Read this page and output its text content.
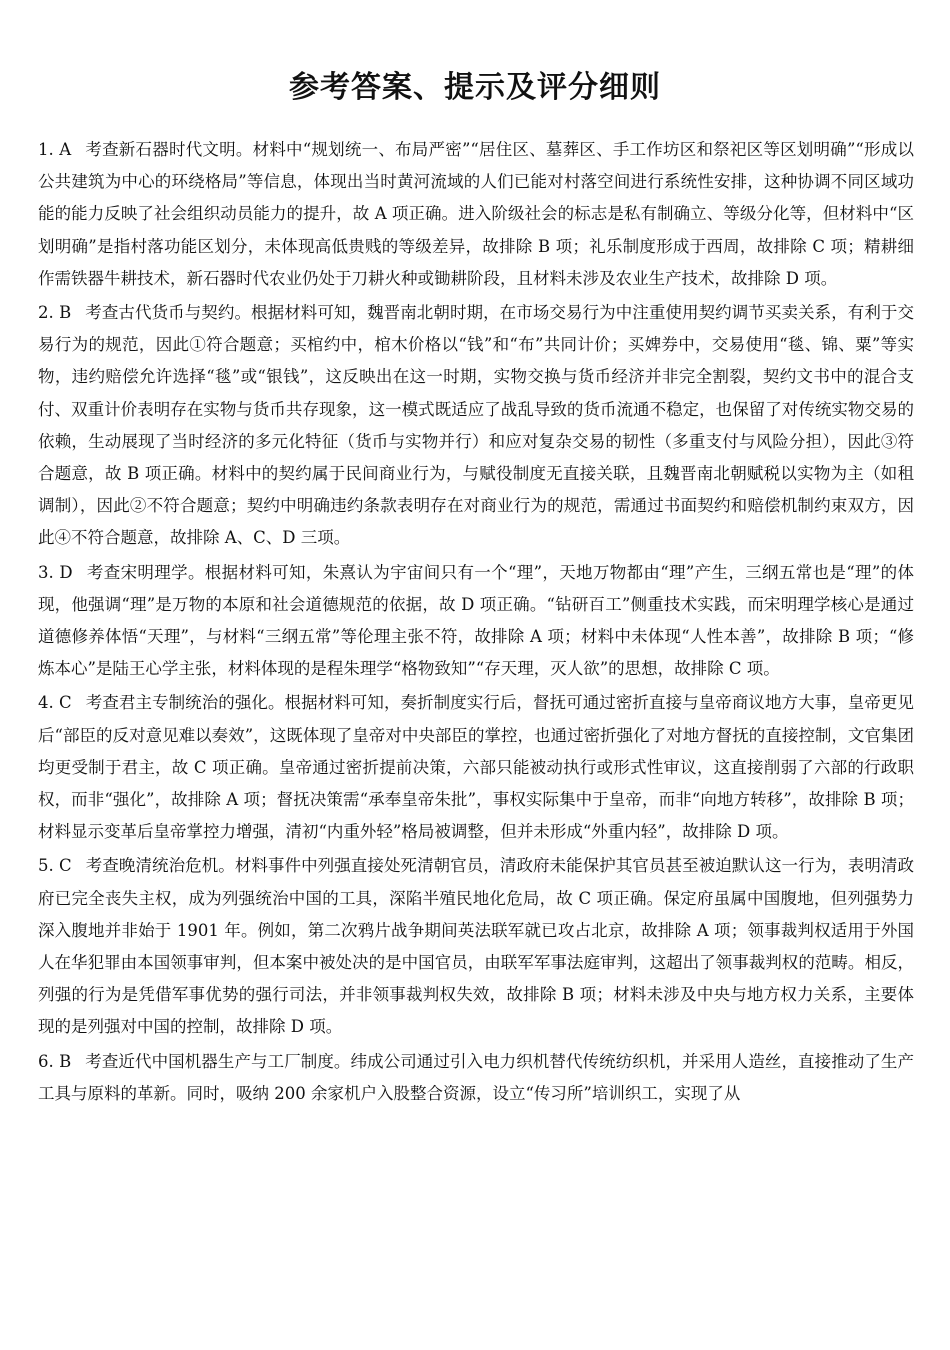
参考答案、提示及评分细则

1. A 考查新石器时代文明。材料中“规划统一、布局严密”“居住区、墓葬区、手工作坊区和祭祀区等区划明确”“形成以公共建筑为中心的环绕格局”等信息，体现出当时黄河流域的人们已能对村落空间进行系统性安排，这种协调不同区域功能的能力反映了社会组织动员能力的提升，故 A 项正确。进入阶级社会的标志是私有制确立、等级分化等，但材料中“区划明确”是指村落功能区划分，未体现高低贵贱的等级差异，故排除 B 项；礼乐制度形成于西周，故排除 C 项；精耕细作需铁器牛耕技术，新石器时代农业仍处于刀耕火种或锄耕阶段，且材料未涉及农业生产技术，故排除 D 项。

2. B 考查古代货币与契约。根据材料可知，魏晋南北朝时期，在市场交易行为中注重使用契约调节买卖关系，有利于交易行为的规范，因此①符合题意；买棺约中，棺木价格以“钱”和“布”共同计价；买婢券中，交易使用“毯、锦、粟”等实物，违约赔偿允许选择“毯”或“银钱”，这反映出在这一时期，实物交换与货币经济并非完全割裂，契约文书中的混合支付、双重计价表明存在实物与货币共存现象，这一模式既适应了战乱导致的货币流通不稳定，也保留了对传统实物交易的依赖，生动展现了当时经济的多元化特征（货币与实物并行）和应对复杂交易的韧性（多重支付与风险分担），因此③符合题意，故 B 项正确。材料中的契约属于民间商业行为，与赋役制度无直接关联，且魏晋南北朝赋税以实物为主（如租调制），因此②不符合题意；契约中明确违约条款表明存在对商业行为的规范，需通过书面契约和赔偿机制约束双方，因此④不符合题意，故排除 A、C、D 三项。

3. D 考查宋明理学。根据材料可知，朱熹认为宇宙间只有一个“理”，天地万物都由“理”产生，三纲五常也是“理”的体现，他强调“理”是万物的本原和社会道德规范的依据，故 D 项正确。“钻研百工”侧重技术实践，而宋明理学核心是通过道德修养体悟“天理”，与材料“三纲五常”等伦理主张不符，故排除 A 项；材料中未体现“人性本善”，故排除 B 项；“修炼本心”是陆王心学主张，材料体现的是程朱理学“格物致知”“存天理，灭人欲”的思想，故排除 C 项。

4. C 考查君主专制统治的强化。根据材料可知，奏折制度实行后，督抚可通过密折直接与皇帝商议地方大事，皇帝更见后“部臣的反对意见难以奏效”，这既体现了皇帝对中央部臣的掌控，也通过密折强化了对地方督抚的直接控制，文官集团均更受制于君主，故 C 项正确。皇帝通过密折提前决策，六部只能被动执行或形式性审议，这直接削弱了六部的行政职权，而非“强化”，故排除 A 项；督抚决策需“承奉皇帝朱批”，事权实际集中于皇帝，而非“向地方转移”，故排除 B 项；材料显示变革后皇帝掌控力增强，清初“内重外轻”格局被调整，但并未形成“外重内轻”，故排除 D 项。

5. C 考查晚清统治危机。材料事件中列强直接处死清朝官员，清政府未能保护其官员甚至被迫默认这一行为，表明清政府已完全丧失主权，成为列强统治中国的工具，深陷半殖民地化危局，故 C 项正确。保定府虽属中国腹地，但列强势力深入腹地并非始于 1901 年。例如，第二次鸦片战争期间英法联军就已攻占北京，故排除 A 项；领事裁判权适用于外国人在华犯罪由本国领事审判，但本案中被处决的是中国官员，由联军军事法庭审判，这超出了领事裁判权的范畴。相反，列强的行为是凭借军事优势的强行司法，并非领事裁判权失效，故排除 B 项；材料未涉及中央与地方权力关系，主要体现的是列强对中国的控制，故排除 D 项。

6. B 考查近代中国机器生产与工厂制度。纬成公司通过引入电力织机替代传统纺织机，并采用人造丝，直接推动了生产工具与原料的革新。同时，吸纳 200 余家机户入股整合资源，设立“传习所”培训织工，实现了从
